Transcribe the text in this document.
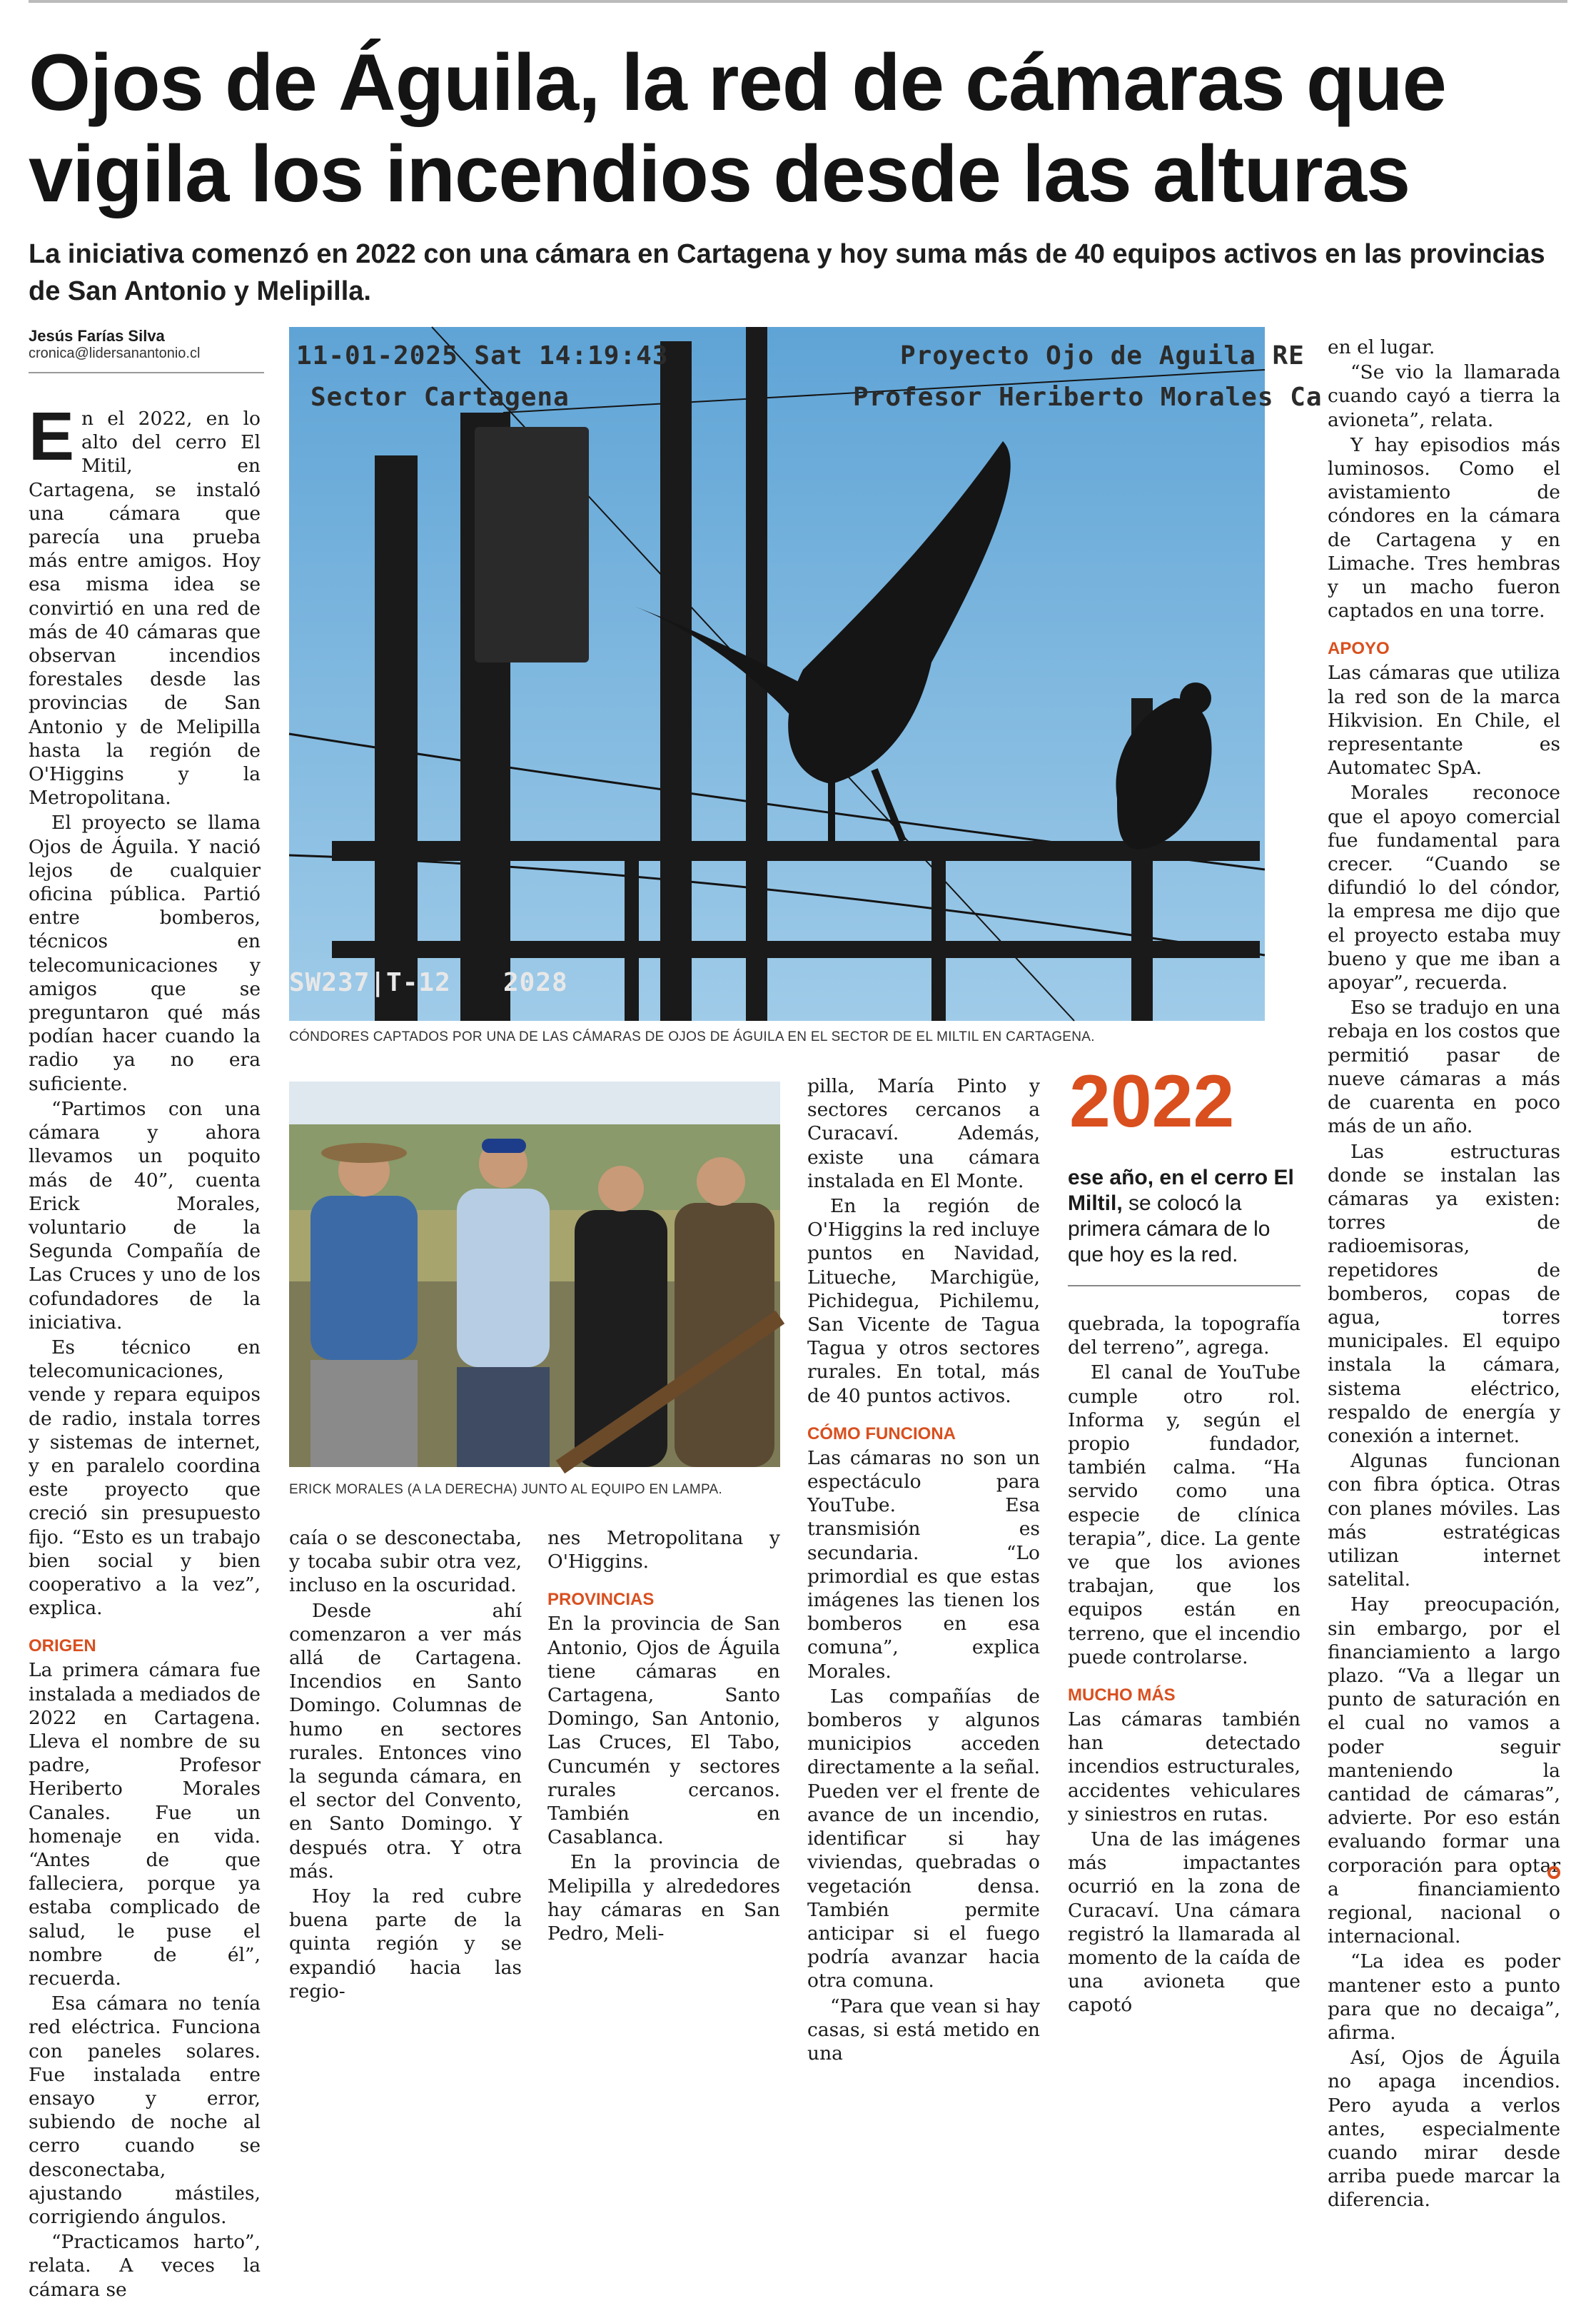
Ojos de Águila, la red de cámaras que vigila los incendios desde las alturas

La iniciativa comenzó en 2022 con una cámara en Cartagena y hoy suma más de 40 equipos activos en las provincias de San Antonio y Melipilla.

Jesús Farías Silva
cronica@lidersanantonio.cl

En el 2022, en lo alto del cerro El Mitil, en Cartagena, se instaló una cámara que parecía una prueba más entre amigos. Hoy esa misma idea se convirtió en una red de más de 40 cámaras que observan incendios forestales desde las provincias de San Antonio y de Melipilla hasta la región de O'Higgins y la Metropolitana.

El proyecto se llama Ojos de Águila. Y nació lejos de cualquier oficina pública. Partió entre bomberos, técnicos en telecomunicaciones y amigos que se preguntaron qué más podían hacer cuando la radio ya no era suficiente.

“Partimos con una cámara y ahora llevamos un poquito más de 40”, cuenta Erick Morales, voluntario de la Segunda Compañía de Las Cruces y uno de los cofundadores de la iniciativa.

Es técnico en telecomunicaciones, vende y repara equipos de radio, instala torres y sistemas de internet, y en paralelo coordina este proyecto que creció sin presupuesto fijo. “Esto es un trabajo bien social y bien cooperativo a la vez”, explica.

ORIGEN

La primera cámara fue instalada a mediados de 2022 en Cartagena. Lleva el nombre de su padre, Profesor Heriberto Morales Canales. Fue un homenaje en vida. “Antes de que falleciera, porque ya estaba complicado de salud, le puse el nombre de él”, recuerda.

Esa cámara no tenía red eléctrica. Funciona con paneles solares. Fue instalada entre ensayo y error, subiendo de noche al cerro cuando se desconectaba, ajustando mástiles, corrigiendo ángulos.

“Practicamos harto”, relata. A veces la cámara se

11-01-2025 Sat 14:19:43
Sector Cartagena
Proyecto Ojo de Aguila RE
Profesor Heriberto Morales Ca
SW237|T-12 2028
CÓNDORES CAPTADOS POR UNA DE LAS CÁMARAS DE OJOS DE ÁGUILA EN EL SECTOR DE EL MILTIL EN CARTAGENA.
ERICK MORALES (A LA DERECHA) JUNTO AL EQUIPO EN LAMPA.

caía o se desconectaba, y tocaba subir otra vez, incluso en la oscuridad.

Desde ahí comenzaron a ver más allá de Cartagena. Incendios en Santo Domingo. Columnas de humo en sectores rurales. Entonces vino la segunda cámara, en el sector del Convento, en Santo Domingo. Y después otra. Y otra más.

Hoy la red cubre buena parte de la quinta región y se expandió hacia las regio-

nes Metropolitana y O'Higgins.

PROVINCIAS

En la provincia de San Antonio, Ojos de Águila tiene cámaras en Cartagena, Santo Domingo, San Antonio, Las Cruces, El Tabo, Cuncumén y sectores rurales cercanos. También en Casablanca.

En la provincia de Melipilla y alrededores hay cámaras en San Pedro, Meli-

pilla, María Pinto y sectores cercanos a Curacaví. Además, existe una cámara instalada en El Monte.

En la región de O'Higgins la red incluye puntos en Navidad, Litueche, Marchigüe, Pichidegua, Pichilemu, San Vicente de Tagua Tagua y otros sectores rurales. En total, más de 40 puntos activos.

CÓMO FUNCIONA

Las cámaras no son un espectáculo para YouTube. Esa transmisión es secundaria. “Lo primordial es que estas imágenes las tienen los bomberos en esa comuna”, explica Morales.

Las compañías de bomberos y algunos municipios acceden directamente a la señal. Pueden ver el frente de avance de un incendio, identificar si hay viviendas, quebradas o vegetación densa. También permite anticipar si el fuego podría avanzar hacia otra comuna.

“Para que vean si hay casas, si está metido en una

2022
ese año, en el cerro El Miltil, se colocó la primera cámara de lo que hoy es la red.

quebrada, la topografía del terreno”, agrega.

El canal de YouTube cumple otro rol. Informa y, según el propio fundador, también calma. “Ha servido como una especie de clínica terapia”, dice. La gente ve que los aviones trabajan, que los equipos están en terreno, que el incendio puede controlarse.

MUCHO MÁS

Las cámaras también han detectado incendios estructurales, accidentes vehiculares y siniestros en rutas.

Una de las imágenes más impactantes ocurrió en la zona de Curacaví. Una cámara registró la llamarada al momento de la caída de una avioneta que capotó

en el lugar.

“Se vio la llamarada cuando cayó a tierra la avioneta”, relata.

Y hay episodios más luminosos. Como el avistamiento de cóndores en la cámara de Cartagena y en Limache. Tres hembras y un macho fueron captados en una torre.

APOYO

Las cámaras que utiliza la red son de la marca Hikvision. En Chile, el representante es Automatec SpA.

Morales reconoce que el apoyo comercial fue fundamental para crecer. “Cuando se difundió lo del cóndor, la empresa me dijo que el proyecto estaba muy bueno y que me iban a apoyar”, recuerda.

Eso se tradujo en una rebaja en los costos que permitió pasar de nueve cámaras a más de cuarenta en poco más de un año.

Las estructuras donde se instalan las cámaras ya existen: torres de radioemisoras, repetidores de bomberos, copas de agua, torres municipales. El equipo instala la cámara, sistema eléctrico, respaldo de energía y conexión a internet.

Algunas funcionan con fibra óptica. Otras con planes móviles. Las más estratégicas utilizan internet satelital.

Hay preocupación, sin embargo, por el financiamiento a largo plazo. “Va a llegar un punto de saturación en el cual no vamos a poder seguir manteniendo la cantidad de cámaras”, advierte. Por eso están evaluando formar una corporación para optar a financiamiento regional, nacional o internacional.

“La idea es poder mantener esto a punto para que no decaiga”, afirma.

Así, Ojos de Águila no apaga incendios. Pero ayuda a verlos antes, especialmente cuando mirar desde arriba puede marcar la diferencia.
